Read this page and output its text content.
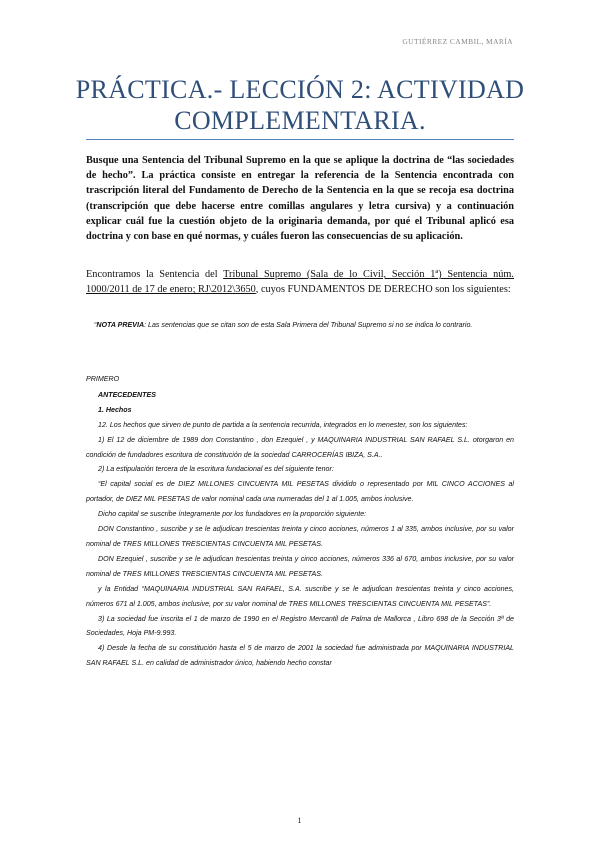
GUTIÉRREZ CAMBIL, MARÍA
PRÁCTICA.- LECCIÓN 2: ACTIVIDAD
COMPLEMENTARIA.
Busque una Sentencia del Tribunal Supremo en la que se aplique la doctrina de “las sociedades de hecho”. La práctica consiste en entregar la referencia de la Sentencia encontrada con trascripción literal del Fundamento de Derecho de la Sentencia en la que se recoja esa doctrina (transcripción que debe hacerse entre comillas angulares y letra cursiva) y a continuación explicar cuál fue la cuestión objeto de la originaria demanda, por qué el Tribunal aplicó esa doctrina y con base en qué normas, y cuáles fueron las consecuencias de su aplicación.
Encontramos la Sentencia del Tribunal Supremo (Sala de lo Civil, Sección 1ª) Sentencia núm. 1000/2011 de 17 de enero; RJ\2012\3650, cuyos FUNDAMENTOS DE DERECHO son los siguientes:

“NOTA PREVIA: Las sentencias que se citan son de esta Sala Primera del Tribunal Supremo si no se indica lo contrario.

PRIMERO

ANTECEDENTES

1. Hechos

12. Los hechos que sirven de punto de partida a la sentencia recurrida, integrados en lo menester, son los siguientes:

1) El 12 de diciembre de 1989 don Constantino , don Ezequiel , y MAQUINARIA INDUSTRIAL SAN RAFAEL S.L. otorgaron en condición de fundadores escritura de constitución de la sociedad CARROCERÍAS IBIZA, S.A..

2) La estipulación tercera de la escritura fundacional es del siguiente tenor:

“El capital social es de DIEZ MILLONES CINCUENTA MIL PESETAS dividido o representado por MIL CINCO ACCIONES al portador, de DIEZ MIL PESETAS de valor nominal cada una numeradas del 1 al 1.005, ambos inclusive.

Dicho capital se suscribe íntegramente por los fundadores en la proporción siguiente:

DON Constantino , suscribe y se le adjudican trescientas treinta y cinco acciones, números 1 al 335, ambos inclusive, por su valor nominal de TRES MILLONES TRESCIENTAS CINCUENTA MIL PESETAS.

DON Ezequiel , suscribe y se le adjudican trescientas treinta y cinco acciones, números 336 al 670, ambos inclusive, por su valor nominal de TRES MILLONES TRESCIENTAS CINCUENTA MIL PESETAS.

y la Entidad “MAQUINARIA INDUSTRIAL SAN RAFAEL, S.A. suscribe y se le adjudican trescientas treinta y cinco acciones, números 671 al 1.005, ambos inclusive, por su valor nominal de TRES MILLONES TRESCIENTAS CINCUENTA MIL PESETAS”.

3) La sociedad fue inscrita el 1 de marzo de 1990 en el Registro Mercantil de Palma de Mallorca , Libro 698 de la Sección 3ª de Sociedades, Hoja PM-9.993.

4) Desde la fecha de su constitución hasta el 5 de marzo de 2001 la sociedad fue administrada por MAQUINARIA INDUSTRIAL SAN RAFAEL S.L. en calidad de administrador único, habiendo hecho constar

1
